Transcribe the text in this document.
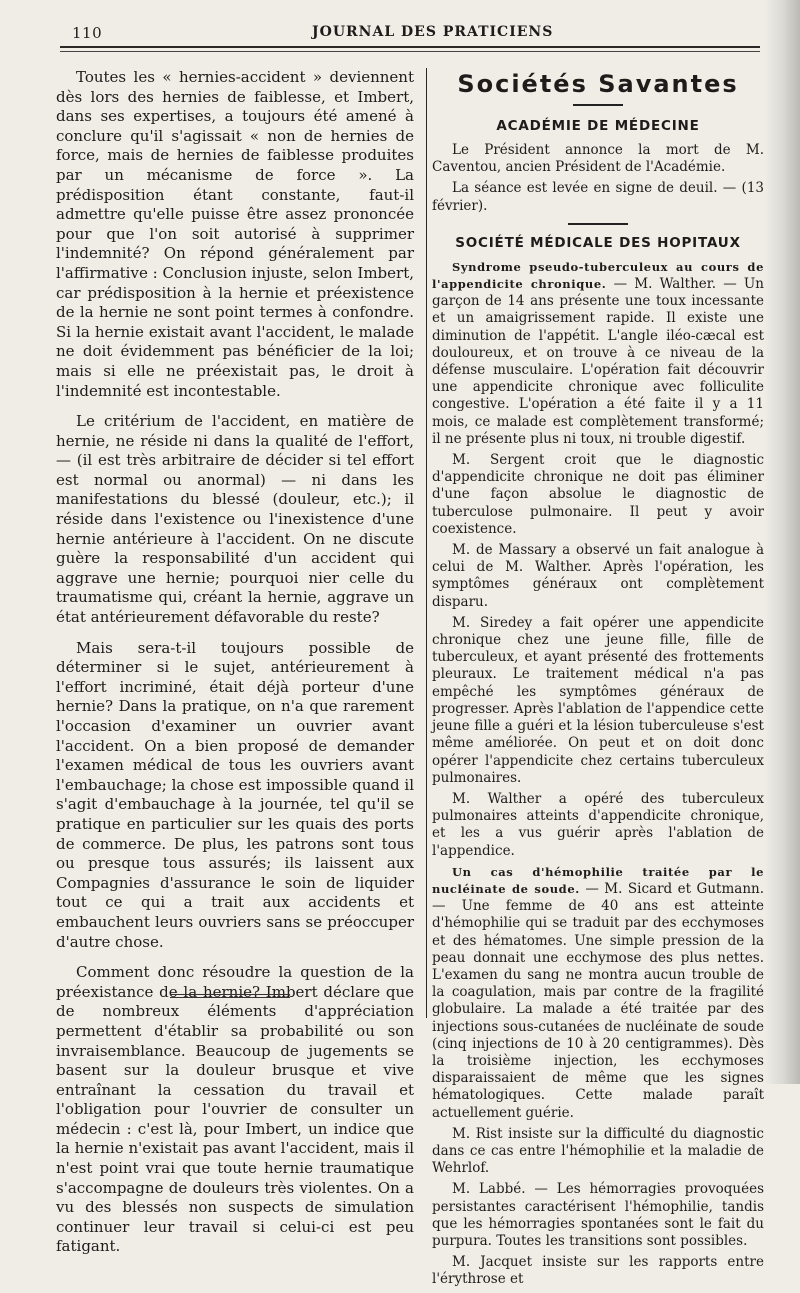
110	JOURNAL DES PRATICIENS

Toutes les « hernies-accident » deviennent dès lors des hernies de faiblesse, et Imbert, dans ses expertises, a toujours été amené à conclure qu'il s'agissait « non de hernies de force, mais de hernies de faiblesse produites par un mécanisme de force ». La prédisposition étant constante, faut-il admettre qu'elle puisse être assez prononcée pour que l'on soit autorisé à supprimer l'indemnité? On répond généralement par l'affirmative : Conclusion injuste, selon Imbert, car prédisposition à la hernie et préexistence de la hernie ne sont point termes à confondre. Si la hernie existait avant l'accident, le malade ne doit évidemment pas bénéficier de la loi; mais si elle ne préexistait pas, le droit à l'indemnité est incontestable.

Le critérium de l'accident, en matière de hernie, ne réside ni dans la qualité de l'effort, — (il est très arbitraire de décider si tel effort est normal ou anormal) — ni dans les manifestations du blessé (douleur, etc.); il réside dans l'existence ou l'inexistence d'une hernie antérieure à l'accident. On ne discute guère la responsabilité d'un accident qui aggrave une hernie; pourquoi nier celle du traumatisme qui, créant la hernie, aggrave un état antérieurement défavorable du reste?

Mais sera-t-il toujours possible de déterminer si le sujet, antérieurement à l'effort incriminé, était déjà porteur d'une hernie? Dans la pratique, on n'a que rarement l'occasion d'examiner un ouvrier avant l'accident. On a bien proposé de demander l'examen médical de tous les ouvriers avant l'embauchage; la chose est impossible quand il s'agit d'embauchage à la journée, tel qu'il se pratique en particulier sur les quais des ports de commerce. De plus, les patrons sont tous ou presque tous assurés; ils laissent aux Compagnies d'assurance le soin de liquider tout ce qui a trait aux accidents et embauchent leurs ouvriers sans se préoccuper d'autre chose.

Comment donc résoudre la question de la préexistance de la hernie? Imbert déclare que de nombreux éléments d'appréciation permettent d'établir sa probabilité ou son invraisemblance. Beaucoup de jugements se basent sur la douleur brusque et vive entraînant la cessation du travail et l'obligation pour l'ouvrier de consulter un médecin : c'est là, pour Imbert, un indice que la hernie n'existait pas avant l'accident, mais il n'est point vrai que toute hernie traumatique s'accompagne de douleurs très violentes. On a vu des blessés non suspects de simulation continuer leur travail si celui-ci est peu fatigant.

Sociétés Savantes
ACADÉMIE DE MÉDECINE

Le Président annonce la mort de M. Caventou, ancien Président de l'Académie.

La séance est levée en signe de deuil. — (13 février).

SOCIÉTÉ MÉDICALE DES HOPITAUX

Syndrome pseudo-tuberculeux au cours de l'appendicite chronique. — M. Walther. — Un garçon de 14 ans présente une toux incessante et un amaigrissement rapide. Il existe une diminution de l'appétit. L'angle iléo-cæcal est douloureux, et on trouve à ce niveau de la défense musculaire. L'opération fait découvrir une appendicite chronique avec folliculite congestive. L'opération a été faite il y a 11 mois, ce malade est complètement transformé; il ne présente plus ni toux, ni trouble digestif.

M. Sergent croit que le diagnostic d'appendicite chronique ne doit pas éliminer d'une façon absolue le diagnostic de tuberculose pulmonaire. Il peut y avoir coexistence.

M. de Massary a observé un fait analogue à celui de M. Walther. Après l'opération, les symptômes généraux ont complètement disparu.

M. Siredey a fait opérer une appendicite chronique chez une jeune fille, fille de tuberculeux, et ayant présenté des frottements pleuraux. Le traitement médical n'a pas empêché les symptômes généraux de progresser. Après l'ablation de l'appendice cette jeune fille a guéri et la lésion tuberculeuse s'est même améliorée. On peut et on doit donc opérer l'appendicite chez certains tuberculeux pulmonaires.

M. Walther a opéré des tuberculeux pulmonaires atteints d'appendicite chronique, et les a vus guérir après l'ablation de l'appendice.

Un cas d'hémophilie traitée par le nucléinate de soude. — M. Sicard et Gutmann. — Une femme de 40 ans est atteinte d'hémophilie qui se traduit par des ecchymoses et des hématomes. Une simple pression de la peau donnait une ecchymose des plus nettes. L'examen du sang ne montra aucun trouble de la coagulation, mais par contre de la fragilité globulaire. La malade a été traitée par des injections sous-cutanées de nucléinate de soude (cinq injections de 10 à 20 centigrammes). Dès la troisième injection, les ecchymoses disparaissaient de même que les signes hématologiques. Cette malade paraît actuellement guérie.

M. Rist insiste sur la difficulté du diagnostic dans ce cas entre l'hémophilie et la maladie de Wehrlof.

M. Labbé. — Les hémorragies provoquées persistantes caractérisent l'hémophilie, tandis que les hémorragies spontanées sont le fait du purpura. Toutes les transitions sont possibles.

M. Jacquet insiste sur les rapports entre l'érythrose et
